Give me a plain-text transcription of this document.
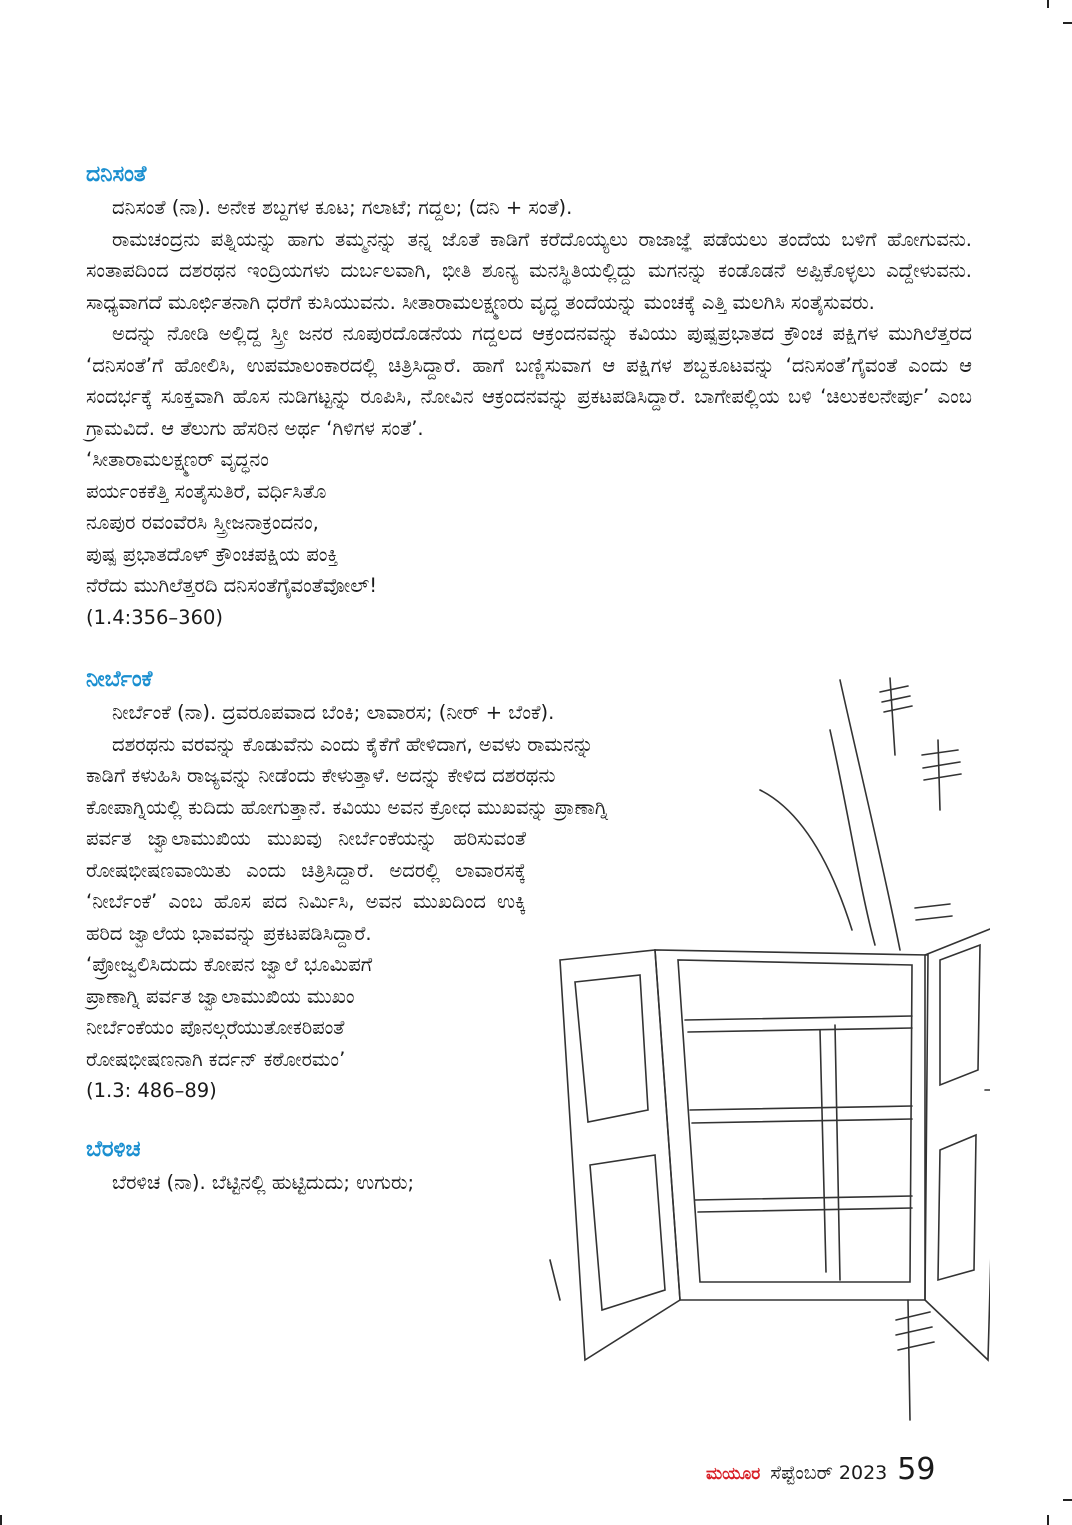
ದನಿಸಂತೆ

ದನಿಸಂತೆ (ನಾ). ಅನೇಕ ಶಬ್ದಗಳ ಕೂಟ; ಗಲಾಟೆ; ಗದ್ದಲ; (ದನಿ + ಸಂತೆ).

ರಾಮಚಂದ್ರನು ಪತ್ನಿಯನ್ನು ಹಾಗು ತಮ್ಮನನ್ನು ತನ್ನ ಜೊತೆ ಕಾಡಿಗೆ ಕರೆದೊಯ್ಯಲು ರಾಜಾಜ್ಞೆ ಪಡೆಯಲು ತಂದೆಯ ಬಳಿಗೆ ಹೋಗುವನು. ಸಂತಾಪದಿಂದ ದಶರಥನ ಇಂದ್ರಿಯಗಳು ದುರ್ಬಲವಾಗಿ, ಭೀತಿ ಶೂನ್ಯ ಮನಸ್ಥಿತಿಯಲ್ಲಿದ್ದು ಮಗನನ್ನು ಕಂಡೊಡನೆ ಅಪ್ಪಿಕೊಳ್ಳಲು ಎದ್ದೇಳುವನು. ಸಾಧ್ಯವಾಗದೆ ಮೂರ್ಛಿತನಾಗಿ ಧರೆಗೆ ಕುಸಿಯುವನು. ಸೀತಾರಾಮಲಕ್ಷ್ಮಣರು ವೃದ್ಧ ತಂದೆಯನ್ನು ಮಂಚಕ್ಕೆ ಎತ್ತಿ ಮಲಗಿಸಿ ಸಂತೈಸುವರು.

ಅದನ್ನು ನೋಡಿ ಅಲ್ಲಿದ್ದ ಸ್ತ್ರೀ ಜನರ ನೂಪುರದೊಡನೆಯ ಗದ್ದಲದ ಆಕ್ರಂದನವನ್ನು ಕವಿಯು ಪುಷ್ಪಪ್ರಭಾತದ ಕ್ರೌಂಚ ಪಕ್ಷಿಗಳ ಮುಗಿಲೆತ್ತರದ ‘ದನಿಸಂತೆ’ಗೆ ಹೋಲಿಸಿ, ಉಪಮಾಲಂಕಾರದಲ್ಲಿ ಚಿತ್ರಿಸಿದ್ದಾರೆ. ಹಾಗೆ ಬಣ್ಣಿಸುವಾಗ ಆ ಪಕ್ಷಿಗಳ ಶಬ್ದಕೂಟವನ್ನು ‘ದನಿಸಂತೆ’ಗೈವಂತೆ ಎಂದು ಆ ಸಂದರ್ಭಕ್ಕೆ ಸೂಕ್ತವಾಗಿ ಹೊಸ ನುಡಿಗಟ್ಟನ್ನು ರೂಪಿಸಿ, ನೋವಿನ ಆಕ್ರಂದನವನ್ನು ಪ್ರಕಟಪಡಿಸಿದ್ದಾರೆ. ಬಾಗೇಪಲ್ಲಿಯ ಬಳಿ ‘ಚಿಲುಕಲನೇರ್ಪು’ ಎಂಬ ಗ್ರಾಮವಿದೆ. ಆ ತೆಲುಗು ಹೆಸರಿನ ಅರ್ಥ ‘ಗಿಳಿಗಳ ಸಂತೆ’.

‘ಸೀತಾರಾಮಲಕ್ಷ್ಮಣರ್ ವೃದ್ಧನಂ
ಪರ್ಯಂಕಕೆತ್ತಿ ಸಂತೈಸುತಿರೆ, ವರ್ಧಿಸಿತೊ
ನೂಪುರ ರವಂವೆರಸಿ ಸ್ತ್ರೀಜನಾಕ್ರಂದನಂ,
ಪುಷ್ಪ ಪ್ರಭಾತದೊಳ್ ಕ್ರೌಂಚಪಕ್ಷಿಯ ಪಂಕ್ತಿ
ನೆರೆದು ಮುಗಿಲೆತ್ತರದಿ ದನಿಸಂತೆಗೈವಂತೆವೋಲ್!
(1.4:356–360)
ನೀರ್ಬೆಂಕೆ

ನೀರ್ಬೆಂಕೆ (ನಾ). ದ್ರವರೂಪವಾದ ಬೆಂಕಿ; ಲಾವಾರಸ; (ನೀರ್ + ಬೆಂಕೆ).

ದಶರಥನು ವರವನ್ನು ಕೊಡುವೆನು ಎಂದು ಕೈಕೆಗೆ ಹೇಳಿದಾಗ, ಅವಳು ರಾಮನನ್ನು

ಕಾಡಿಗೆ ಕಳುಹಿಸಿ ರಾಜ್ಯವನ್ನು ನೀಡೆಂದು ಕೇಳುತ್ತಾಳೆ. ಅದನ್ನು ಕೇಳಿದ ದಶರಥನು

ಕೋಪಾಗ್ನಿಯಲ್ಲಿ ಕುದಿದು ಹೋಗುತ್ತಾನೆ. ಕವಿಯು ಅವನ ಕ್ರೋಧ ಮುಖವನ್ನು ಪ್ರಾಣಾಗ್ನಿ

ಪರ್ವತ ಜ್ವಾಲಾಮುಖಿಯ ಮುಖವು ನೀರ್ಬೆಂಕೆಯನ್ನು ಹರಿಸುವಂತೆ ರೋಷಭೀಷಣವಾಯಿತು ಎಂದು ಚಿತ್ರಿಸಿದ್ದಾರೆ. ಅದರಲ್ಲಿ ಲಾವಾರಸಕ್ಕೆ ‘ನೀರ್ಬೆಂಕೆ’ ಎಂಬ ಹೊಸ ಪದ ನಿರ್ಮಿಸಿ, ಅವನ ಮುಖದಿಂದ ಉಕ್ಕಿ ಹರಿದ ಜ್ವಾಲೆಯ ಭಾವವನ್ನು ಪ್ರಕಟಪಡಿಸಿದ್ದಾರೆ.

‘ಪ್ರೋಜ್ವಲಿಸಿದುದು ಕೋಪನ ಜ್ವಾಲೆ ಭೂಮಿಪಗೆ
ಪ್ರಾಣಾಗ್ನಿ ಪರ್ವತ ಜ್ವಾಲಾಮುಖಿಯ ಮುಖಂ
ನೀರ್ಬೆಂಕೆಯಂ ಪೊನಲ್ಗರೆಯುತೋಕರಿಪಂತೆ
ರೋಷಭೀಷಣನಾಗಿ ಕರ್ದನ್ ಕಠೋರಮಂ’
(1.3: 486–89)
ಬೆರಳಿಚ

ಬೆರಳಿಚ (ನಾ). ಬೆಟ್ಟಿನಲ್ಲಿ ಹುಟ್ಟಿದುದು; ಉಗುರು;

ಮಯೂರ ಸೆಪ್ಟೆಂಬರ್ 2023 59
